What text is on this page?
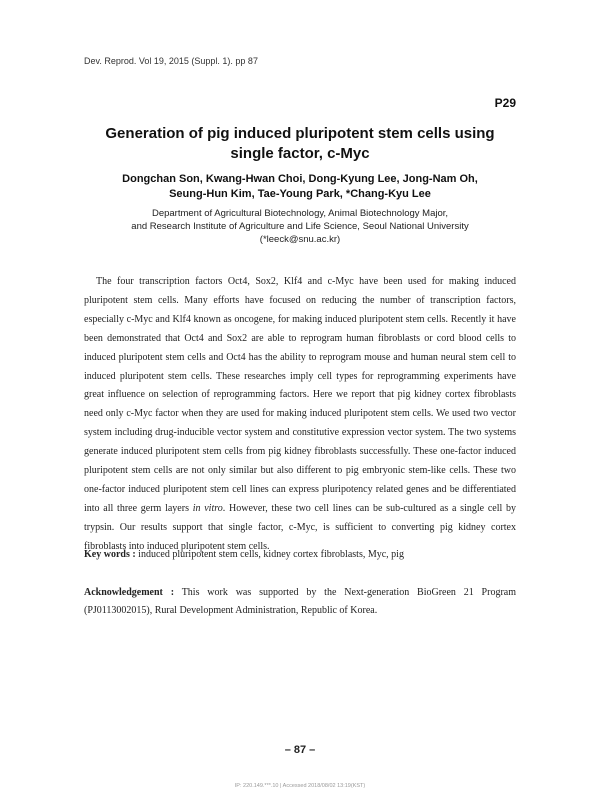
Dev. Reprod. Vol 19, 2015 (Suppl. 1). pp 87
P29
Generation of pig induced pluripotent stem cells using
single factor, c-Myc
Dongchan Son, Kwang-Hwan Choi, Dong-Kyung Lee, Jong-Nam Oh,
Seung-Hun Kim, Tae-Young Park, *Chang-Kyu Lee
Department of Agricultural Biotechnology, Animal Biotechnology Major,
and Research Institute of Agriculture and Life Science, Seoul National University
(*leeck@snu.ac.kr)

The four transcription factors Oct4, Sox2, Klf4 and c-Myc have been used for making induced pluripotent stem cells. Many efforts have focused on reducing the number of transcription factors, especially c-Myc and Klf4 known as oncogene, for making induced pluripotent stem cells. Recently it have been demonstrated that Oct4 and Sox2 are able to reprogram human fibroblasts or cord blood cells to induced pluripotent stem cells and Oct4 has the ability to reprogram mouse and human neural stem cell to induced pluripotent stem cells. These researches imply cell types for reprogramming experiments have great influence on selection of reprogramming factors. Here we report that pig kidney cortex fibroblasts need only c-Myc factor when they are used for making induced pluripotent stem cells. We used two vector system including drug-inducible vector system and constitutive expression vector system. The two systems generate induced pluripotent stem cells from pig kidney fibroblasts successfully. These one-factor induced pluripotent stem cells are not only similar but also different to pig embryonic stem-like cells. These two one-factor induced pluripotent stem cell lines can express pluripotency related genes and be differentiated into all three germ layers in vitro. However, these two cell lines can be sub-cultured as a single cell by trypsin. Our results support that single factor, c-Myc, is sufficient to converting pig kidney cortex fibroblasts into induced pluripotent stem cells.

Key words : induced pluripotent stem cells, kidney cortex fibroblasts, Myc, pig
Acknowledgement : This work was supported by the Next-generation BioGreen 21 Program (PJ0113002015), Rural Development Administration, Republic of Korea.
– 87 –
IP: 220.149.***.10 | Accessed 2018/08/02 13:19(KST)
